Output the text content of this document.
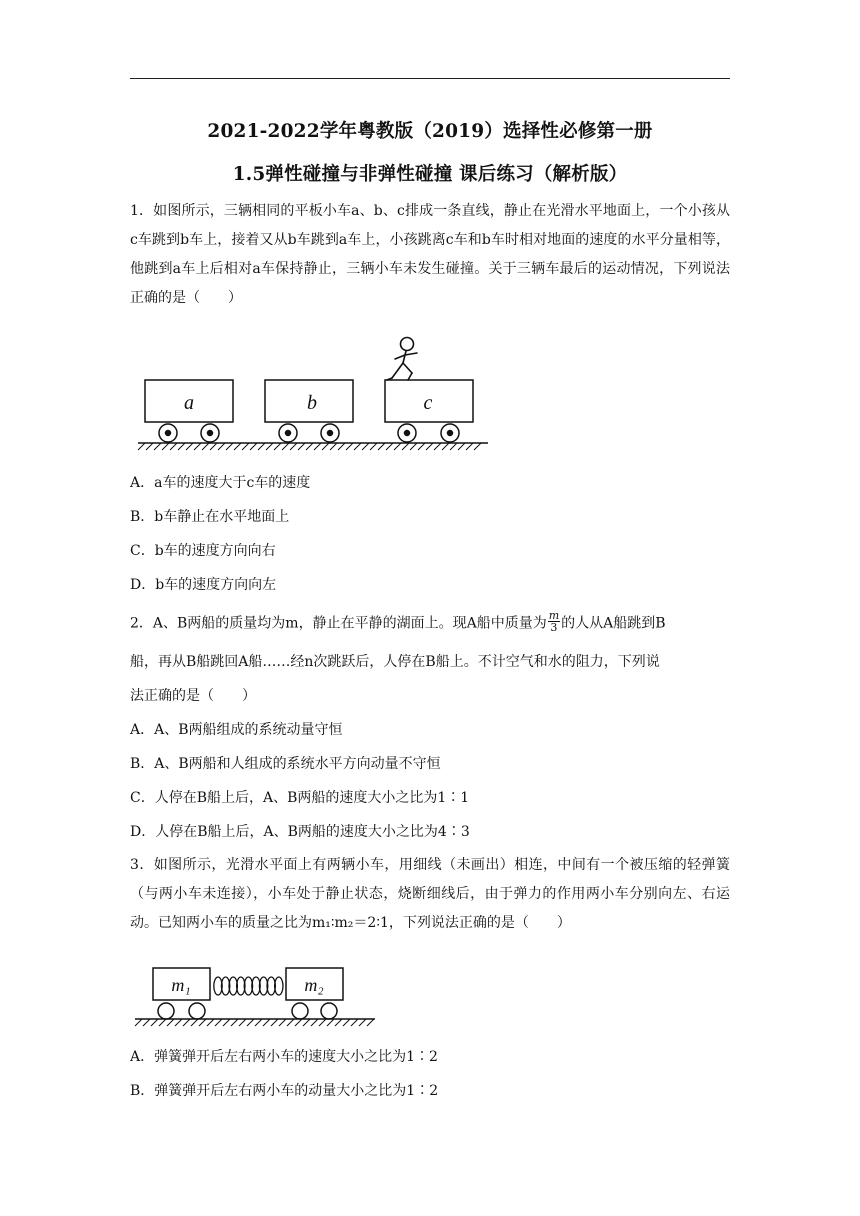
2021-2022学年粤教版（2019）选择性必修第一册
1.5弹性碰撞与非弹性碰撞 课后练习（解析版）
1．如图所示，三辆相同的平板小车a、b、c排成一条直线，静止在光滑水平地面上，一个小孩从c车跳到b车上，接着又从b车跳到a车上，小孩跳离c车和b车时相对地面的速度的水平分量相等，他跳到a车上后相对a车保持静止，三辆小车未发生碰撞。关于三辆车最后的运动情况，下列说法正确的是（　　）
a	b	c
A．a车的速度大于c车的速度
B．b车静止在水平地面上
C．b车的速度方向向右
D．b车的速度方向向左
2．A、B两船的质量均为m，静止在平静的湖面上。现A船中质量为 $\frac{m}{3}$ 的人从A船跳到B
船，再从B船跳回A船……经n次跳跃后，人停在B船上。不计空气和水的阻力，下列说
法正确的是（　　）
A．A、B两船组成的系统动量守恒
B．A、B两船和人组成的系统水平方向动量不守恒
C．人停在B船上后，A、B两船的速度大小之比为1∶1
D．人停在B船上后，A、B两船的速度大小之比为4∶3
3．如图所示，光滑水平面上有两辆小车，用细线（未画出）相连，中间有一个被压缩的轻弹簧（与两小车未连接），小车处于静止状态，烧断细线后，由于弹力的作用两小车分别向左、右运动。已知两小车的质量之比为m₁∶m₂＝2∶1，下列说法正确的是（　　）
m₁	m₂
A．弹簧弹开后左右两小车的速度大小之比为1∶2
B．弹簧弹开后左右两小车的动量大小之比为1∶2
